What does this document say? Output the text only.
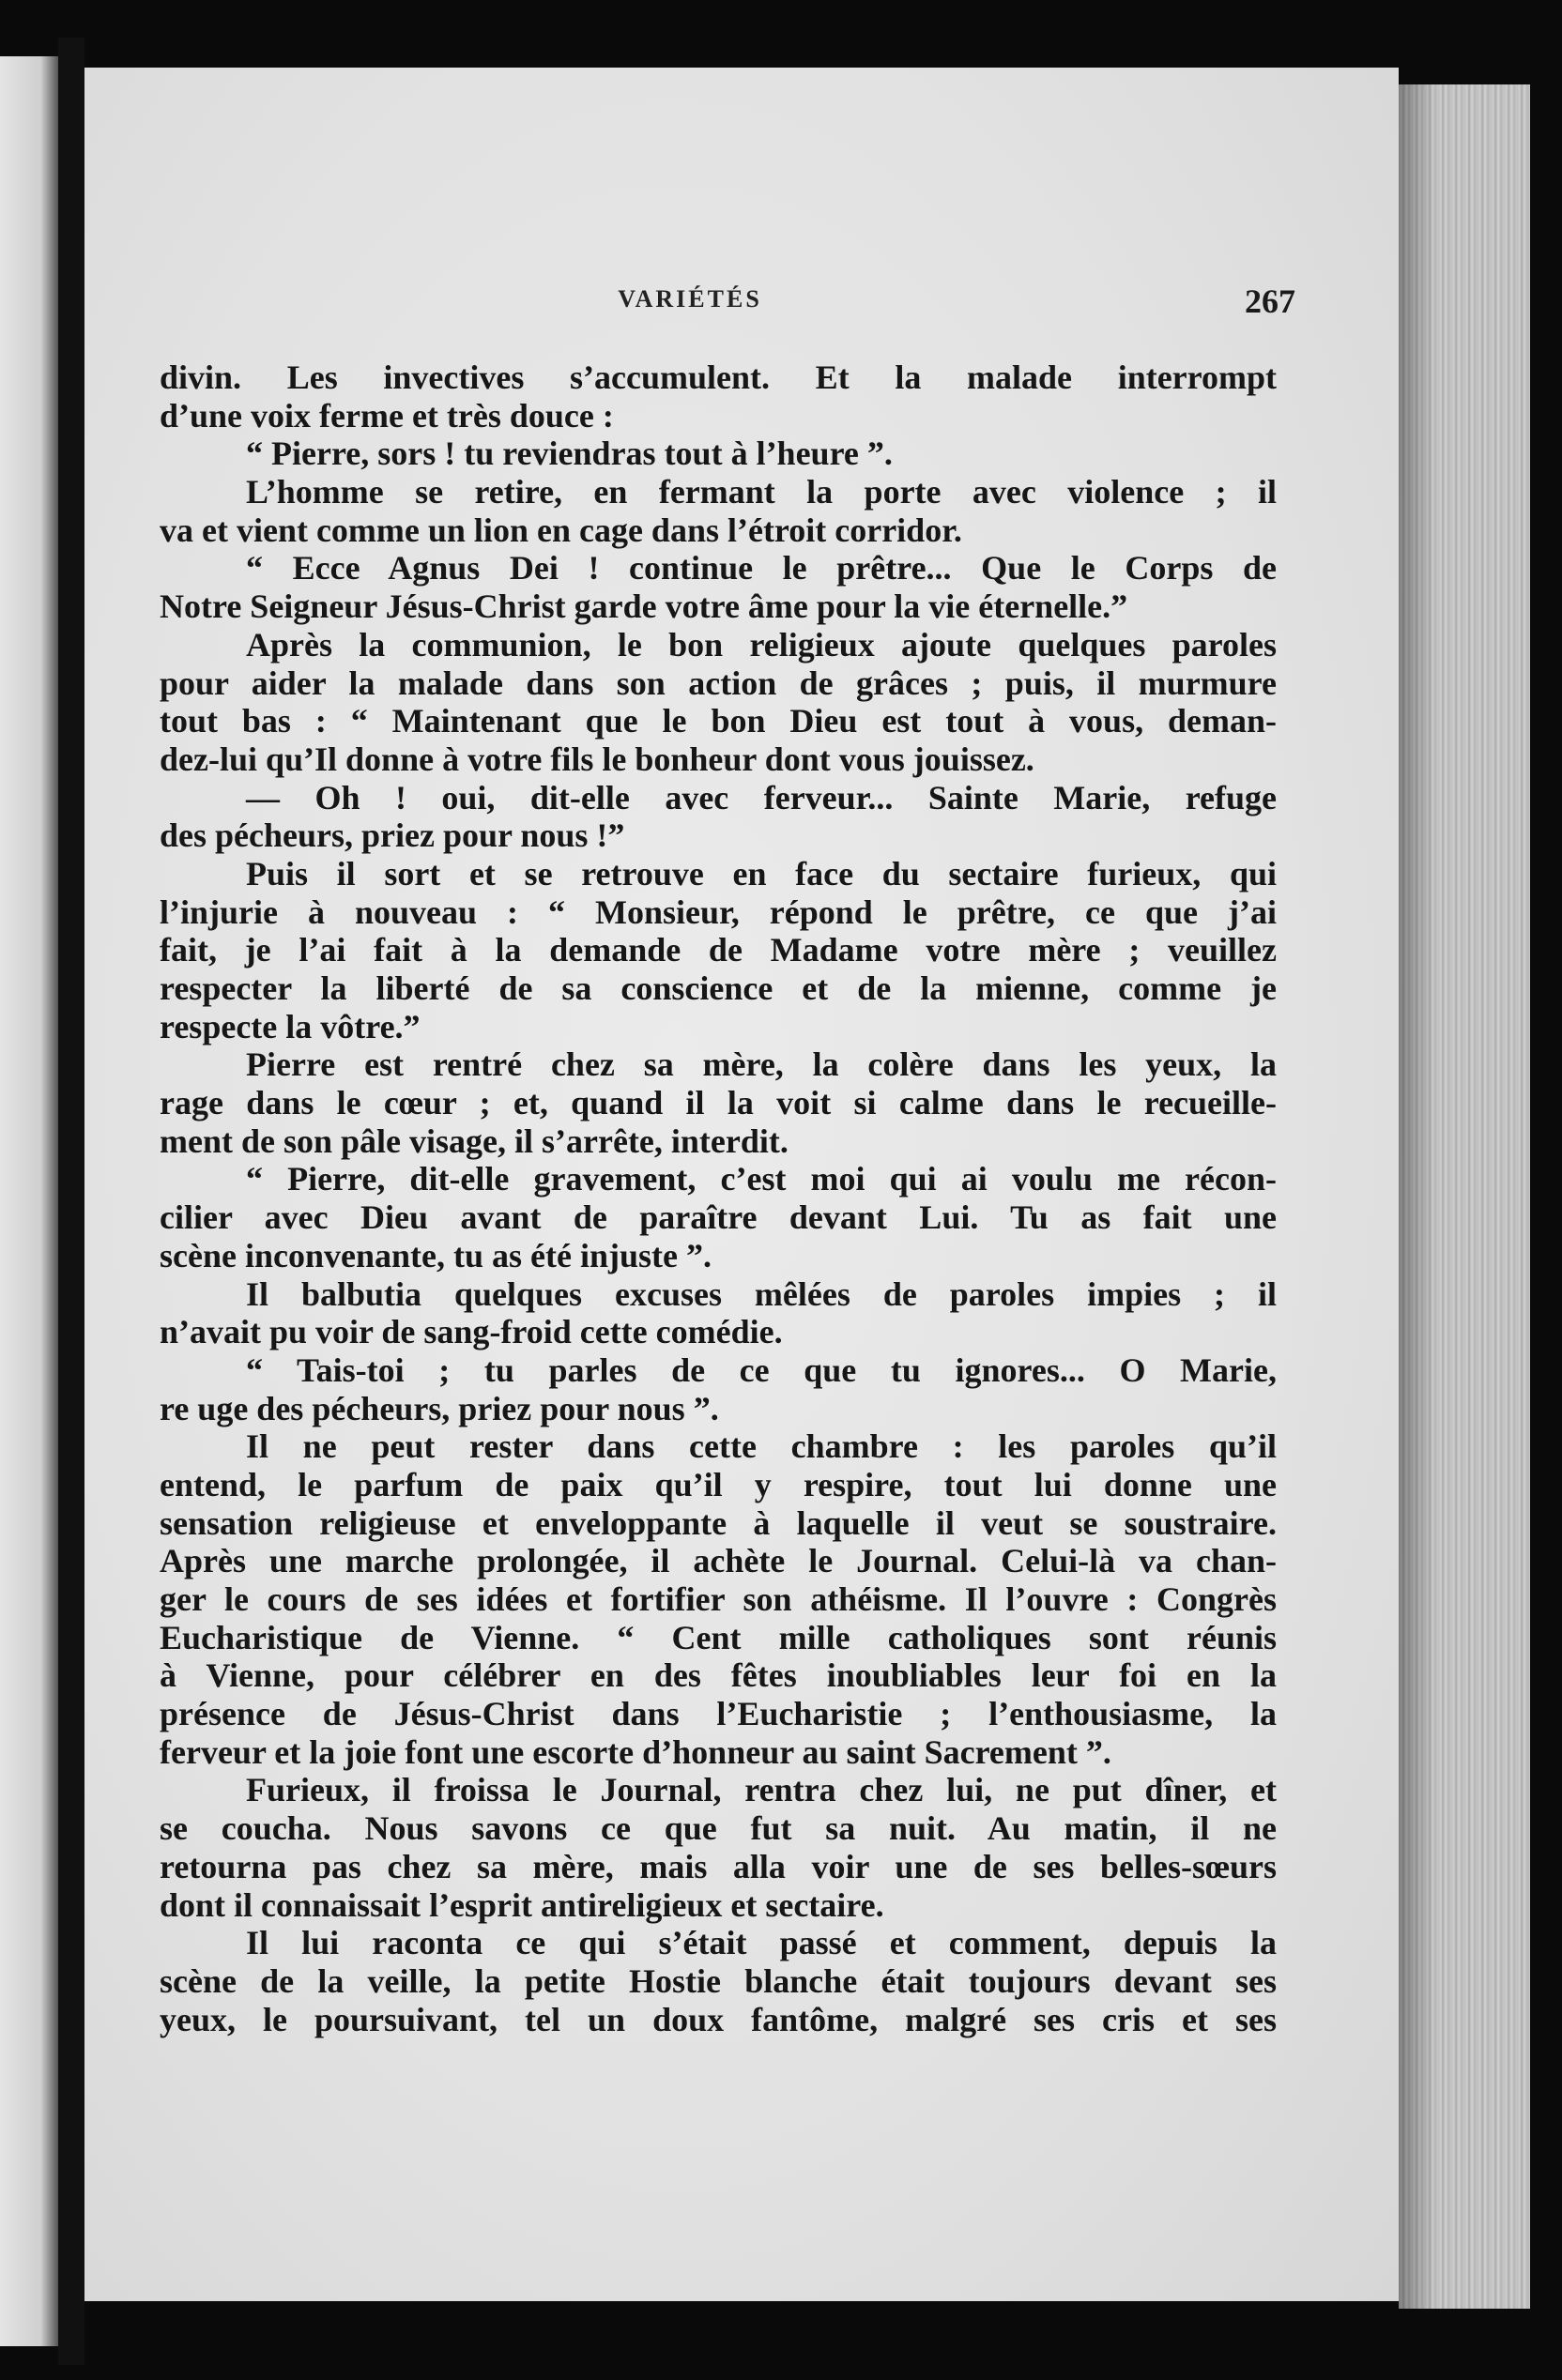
VARIÉTÉS	267
divin. Les invectives s’accumulent. Et la malade interrompt
d’une voix ferme et très douce :
“ Pierre, sors ! tu reviendras tout à l’heure ”.
L’homme se retire, en fermant la porte avec violence ; il
va et vient comme un lion en cage dans l’étroit corridor.
“ Ecce Agnus Dei ! continue le prêtre... Que le Corps de
Notre Seigneur Jésus-Christ garde votre âme pour la vie éternelle.”
Après la communion, le bon religieux ajoute quelques paroles
pour aider la malade dans son action de grâces ; puis, il murmure
tout bas : “ Maintenant que le bon Dieu est tout à vous, deman-
dez-lui qu’Il donne à votre fils le bonheur dont vous jouissez.
— Oh ! oui, dit-elle avec ferveur... Sainte Marie, refuge
des pécheurs, priez pour nous !”
Puis il sort et se retrouve en face du sectaire furieux, qui
l’injurie à nouveau : “ Monsieur, répond le prêtre, ce que j’ai
fait, je l’ai fait à la demande de Madame votre mère ; veuillez
respecter la liberté de sa conscience et de la mienne, comme je
respecte la vôtre.”
Pierre est rentré chez sa mère, la colère dans les yeux, la
rage dans le cœur ; et, quand il la voit si calme dans le recueille-
ment de son pâle visage, il s’arrête, interdit.
“ Pierre, dit-elle gravement, c’est moi qui ai voulu me récon-
cilier avec Dieu avant de paraître devant Lui. Tu as fait une
scène inconvenante, tu as été injuste ”.
Il balbutia quelques excuses mêlées de paroles impies ; il
n’avait pu voir de sang-froid cette comédie.
“ Tais-toi ; tu parles de ce que tu ignores... O Marie,
re uge des pécheurs, priez pour nous ”.
Il ne peut rester dans cette chambre : les paroles qu’il
entend, le parfum de paix qu’il y respire, tout lui donne une
sensation religieuse et enveloppante à laquelle il veut se soustraire.
Après une marche prolongée, il achète le Journal. Celui-là va chan-
ger le cours de ses idées et fortifier son athéisme. Il l’ouvre : Congrès
Eucharistique de Vienne. “ Cent mille catholiques sont réunis
à Vienne, pour célébrer en des fêtes inoubliables leur foi en la
présence de Jésus-Christ dans l’Eucharistie ; l’enthousiasme, la
ferveur et la joie font une escorte d’honneur au saint Sacrement ”.
Furieux, il froissa le Journal, rentra chez lui, ne put dîner, et
se coucha. Nous savons ce que fut sa nuit. Au matin, il ne
retourna pas chez sa mère, mais alla voir une de ses belles-sœurs
dont il connaissait l’esprit antireligieux et sectaire.
Il lui raconta ce qui s’était passé et comment, depuis la
scène de la veille, la petite Hostie blanche était toujours devant ses
yeux, le poursuivant, tel un doux fantôme, malgré ses cris et ses
